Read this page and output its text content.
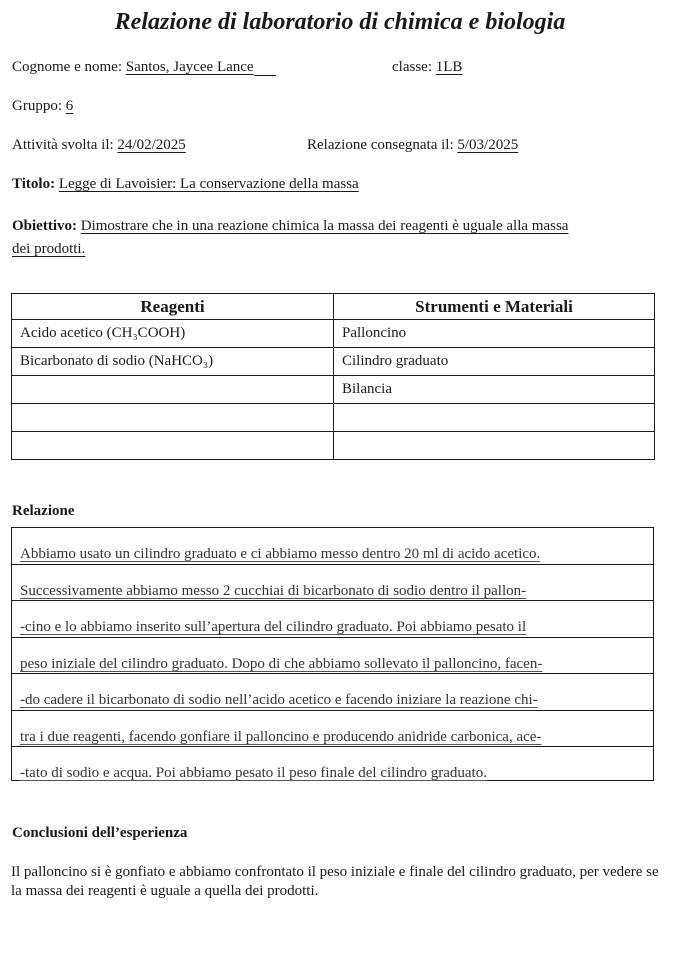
Relazione di laboratorio di chimica e biologia
Cognome e nome: Santos, Jaycee Lance	classe: 1LB
Gruppo: 6
Attività svolta il: 24/02/2025	Relazione consegnata il: 5/03/2025
Titolo: Legge di Lavoisier: La conservazione della massa
Obiettivo: Dimostrare che in una reazione chimica la massa dei reagenti è uguale alla massa
dei prodotti.
Reagenti	Strumenti e Materiali
Acido acetico (CH₃COOH)	Palloncino
Bicarbonato di sodio (NaHCO₃)	Cilindro graduato
	Bilancia

Relazione
Abbiamo usato un cilindro graduato e ci abbiamo messo dentro 20 ml di acido acetico.
Successivamente abbiamo messo 2 cucchiai di bicarbonato di sodio dentro il pallon-
-cino e lo abbiamo inserito sull’apertura del cilindro graduato. Poi abbiamo pesato il
peso iniziale del cilindro graduato. Dopo di che abbiamo sollevato il palloncino, facen-
-do cadere il bicarbonato di sodio nell’acido acetico e facendo iniziare la reazione chi-
tra i due reagenti, facendo gonfiare il palloncino e producendo anidride carbonica, ace-
-tato di sodio e acqua. Poi abbiamo pesato il peso finale del cilindro graduato.
Conclusioni dell’esperienza
Il palloncino si è gonfiato e abbiamo confrontato il peso iniziale e finale del cilindro graduato, per vedere se la massa dei reagenti è uguale a quella dei prodotti.
